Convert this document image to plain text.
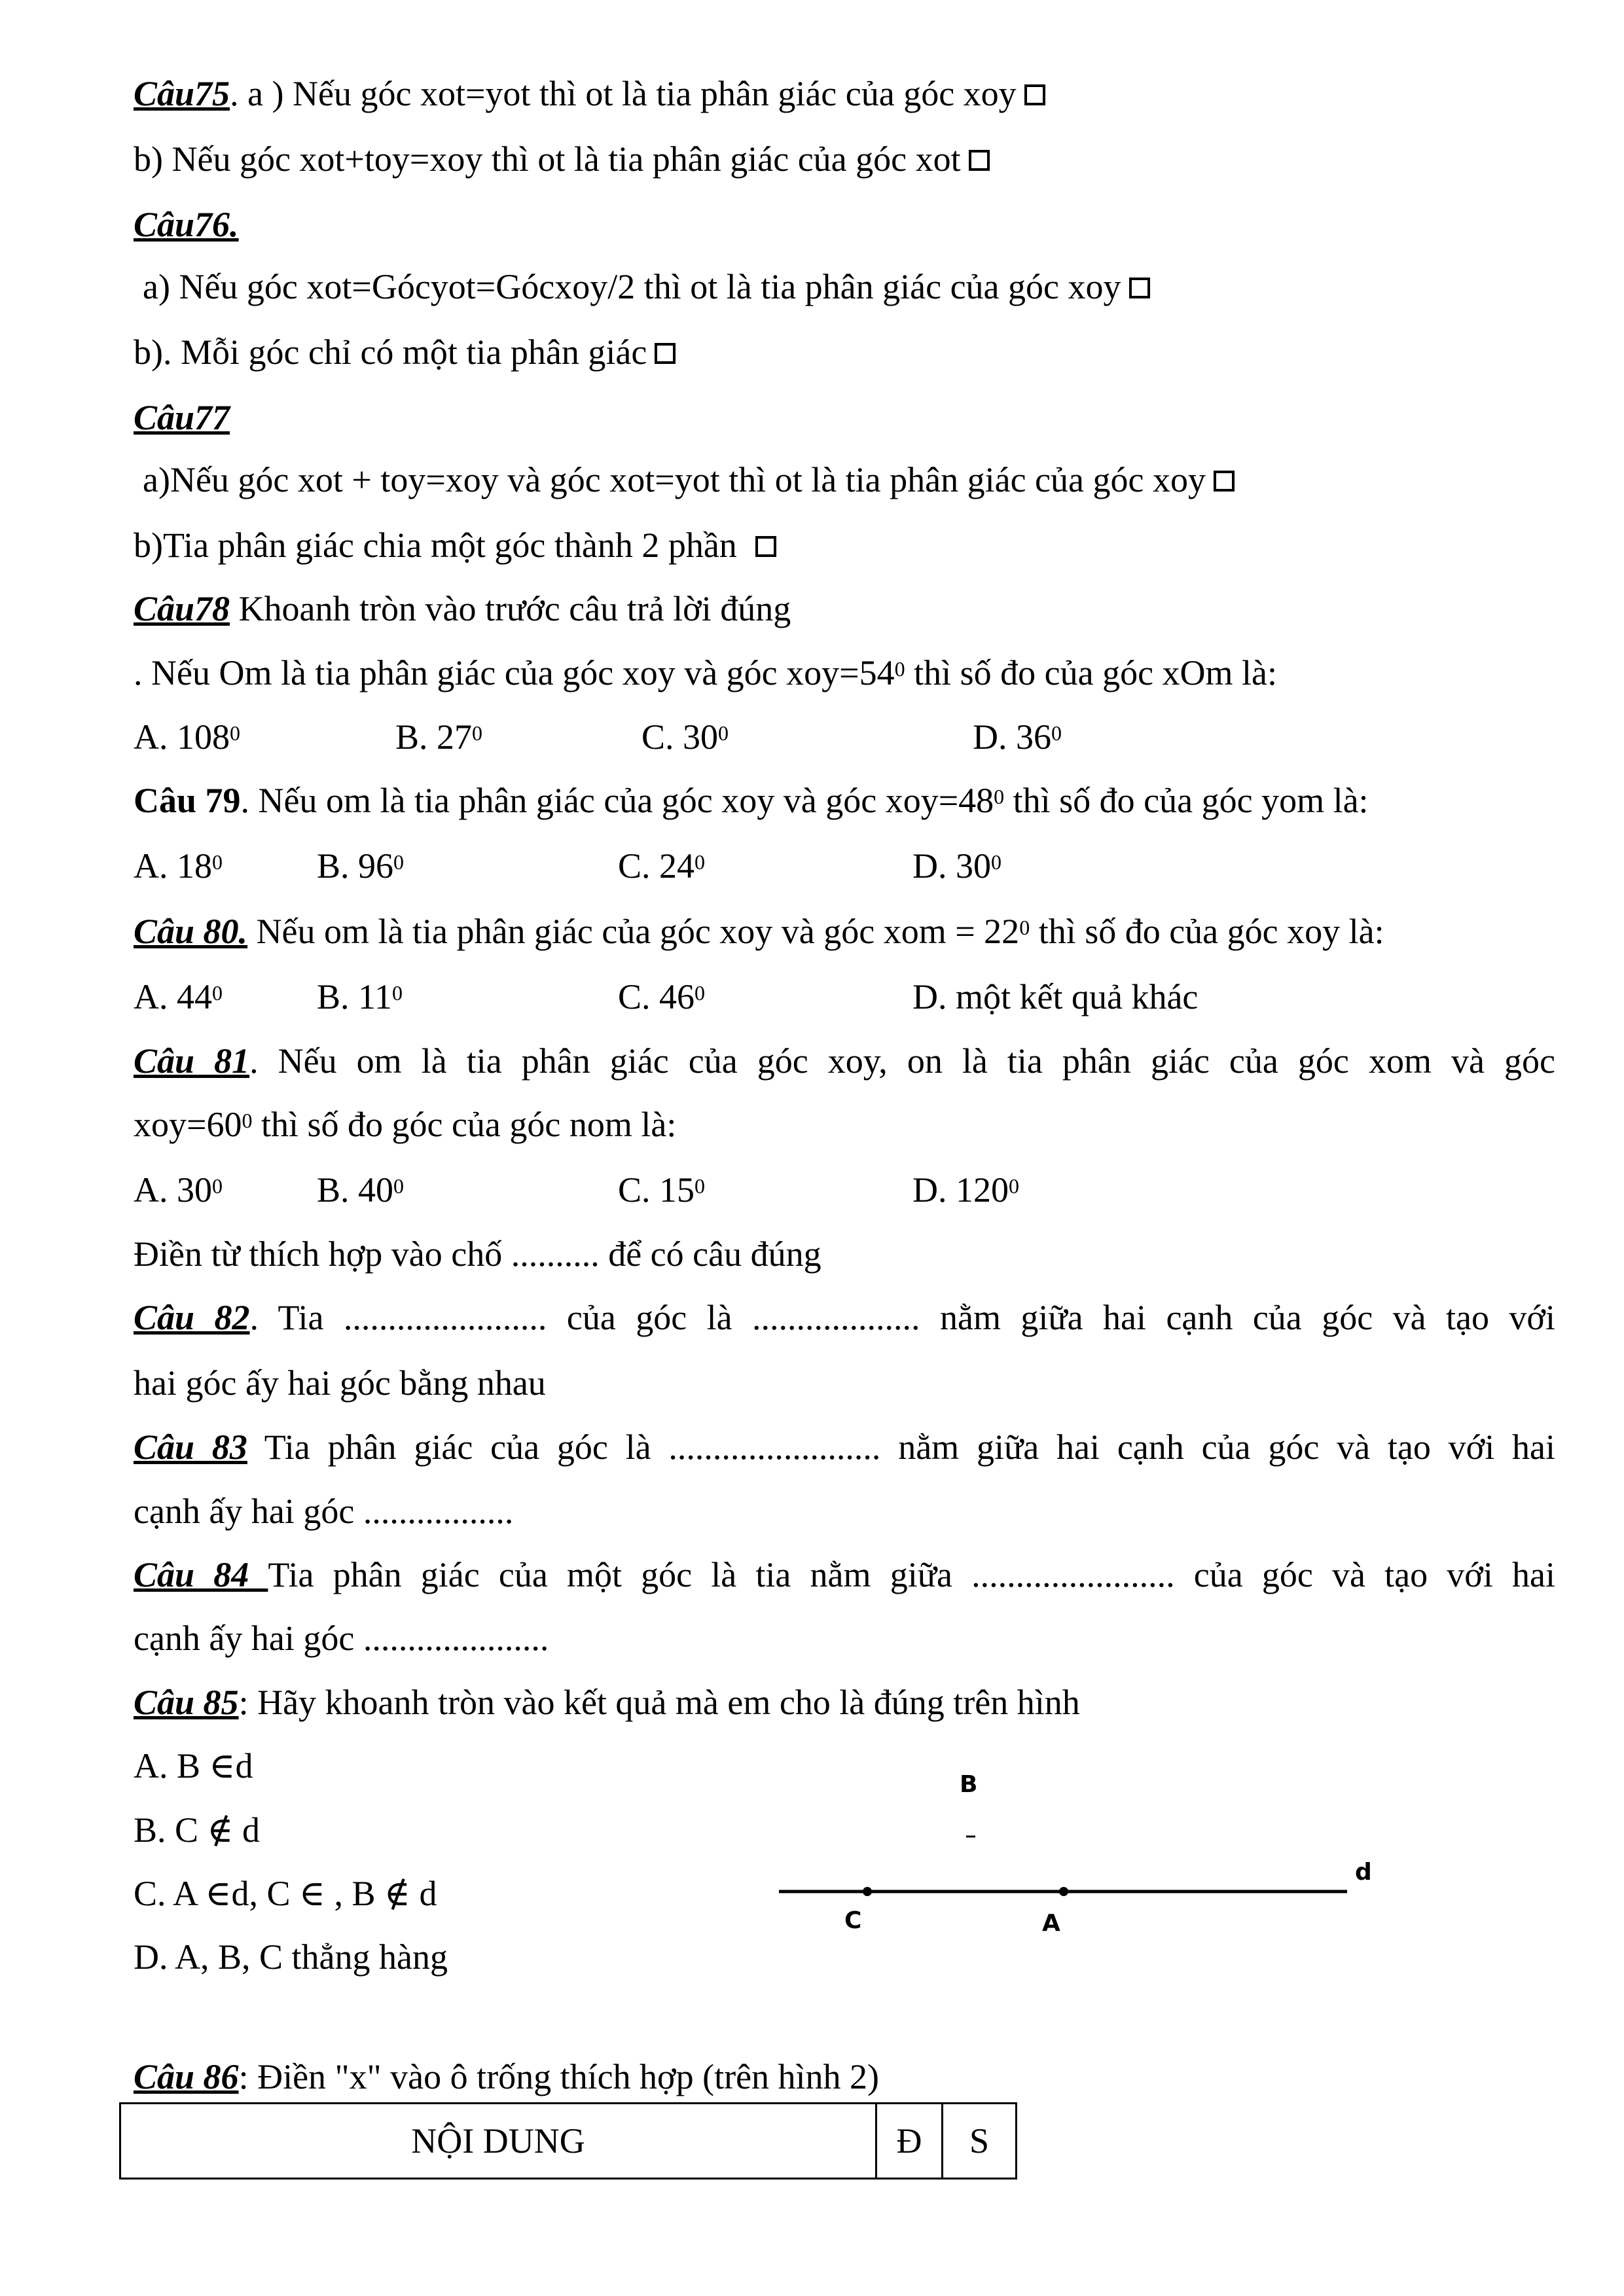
Câu75. a ) Nếu góc xot=yot thì ot là tia phân giác của góc xoy
b) Nếu góc xot+toy=xoy thì ot là tia phân giác của góc xot
Câu76.
a) Nếu góc xot=Gócyot=Gócxoy/2 thì ot là tia phân giác của góc xoy
b). Mỗi góc chỉ có một tia phân giác
Câu77
a)Nếu góc xot + toy=xoy và góc xot=yot thì ot là tia phân giác của góc xoy
b)Tia phân giác chia một góc thành 2 phần
Câu78 Khoanh tròn vào trước câu trả lời đúng
. Nếu Om là tia phân giác của góc xoy và góc $xoy=54^0$ thì số đo của góc xOm là:
A. $108^0$	B. $27^0$	C. $30^0$	D. $36^0$
Câu 79. Nếu om là tia phân giác của góc xoy và góc $xoy=48^0$ thì số đo của góc yom là:
A. $18^0$	B. $96^0$	C. $24^0$	D. $30^0$
Câu 80. Nếu om là tia phân giác của góc xoy và góc xom = $22^0$ thì số đo của góc xoy là:
A. $44^0$	B. $11^0$	C. $46^0$	D. một kết quả khác
Câu 81. Nếu om là tia phân giác của góc xoy, on là tia phân giác của góc xom và góc
$xoy=60^0$ thì số đo góc của góc nom là:
A. $30^0$	B. $40^0$	C. $15^0$	D. $120^0$
Điền từ thích hợp vào chố .......... để có câu đúng
Câu 82. Tia ....................... của góc là ................... nằm giữa hai cạnh của góc và tạo với
hai góc ấy hai góc bằng nhau
Câu 83 Tia phân giác của góc là ........................ nằm giữa hai cạnh của góc và tạo với hai
cạnh ấy hai góc .................
Câu 84 Tia phân giác của một góc là tia nằm giữa ....................... của góc và tạo với hai
cạnh ấy hai góc .....................
Câu 85: Hãy khoanh tròn vào kết quả mà em cho là đúng trên hình
A. B ∈d
B. C ∉ d
C. A ∈d, C ∈ , B ∉ d
D. A, B, C thẳng hàng
B
d
C	A
Câu 86: Điền "x" vào ô trống thích hợp (trên hình 2)
NỘI DUNG	Đ	S
